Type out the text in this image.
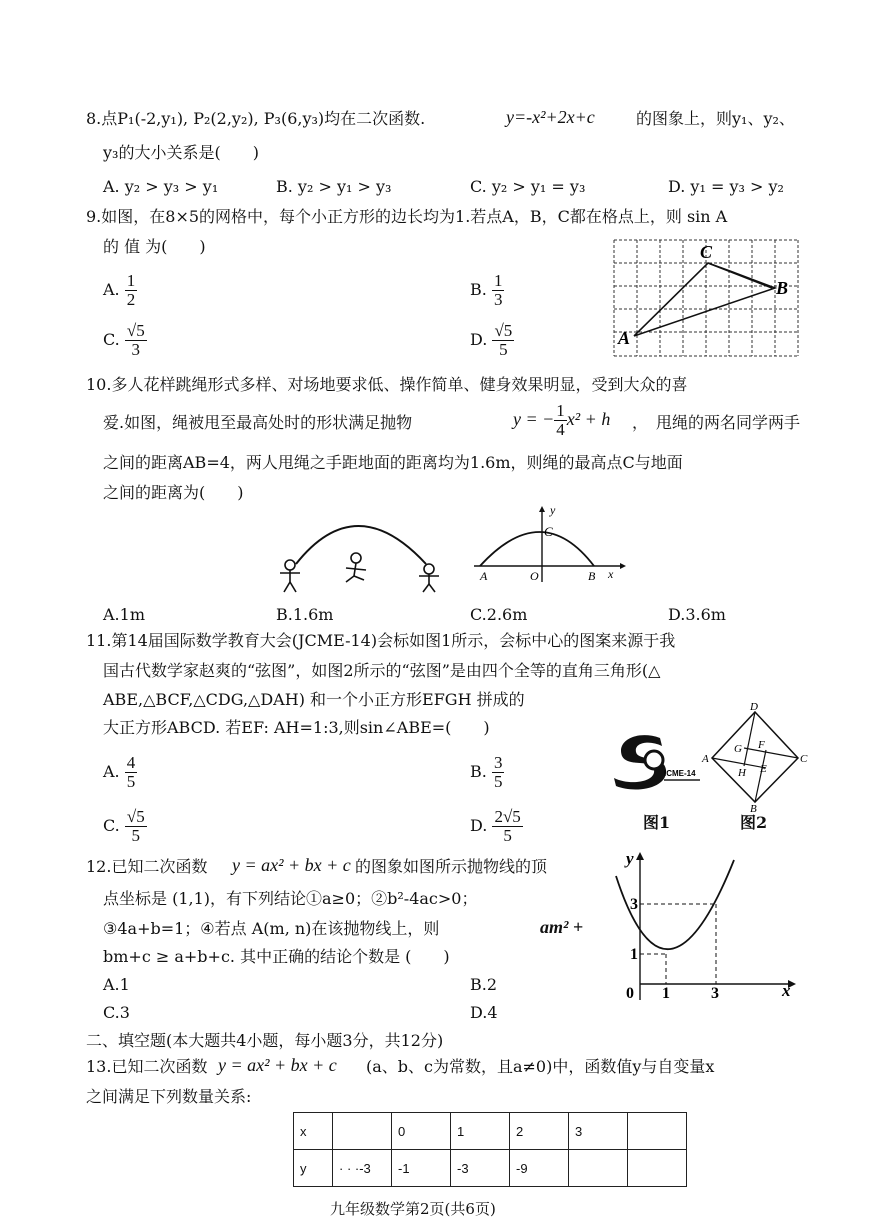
8.点P₁(-2,y₁), P₂(2,y₂), P₃(6,y₃)均在二次函数.	y=-x²+2x+c	的图象上，则y₁、y₂、
y₃的大小关系是(　　)
A. y₂ > y₃ > y₁	B. y₂ > y₁ > y₃	C. y₂ > y₁ = y₃	D. y₁ = y₃ > y₂
9.如图，在8×5的网格中，每个小正方形的边长均为1.若点A，B，C都在格点上，则 sin A
的 值 为(　　)
A. $\frac{1}{2}$	B. $\frac{1}{3}$
C. $\frac{√5}{3}$	D. $\frac{√5}{5}$	A
C
B
10.多人花样跳绳形式多样、对场地要求低、操作简单、健身效果明显，受到大众的喜
爱.如图，绳被甩至最高处时的形状满足抛物	y = − $\frac{1}{4} x^2 + h$ ，　甩绳的两名同学两手
之间的距离AB=4，两人甩绳之手距地面的距离均为1.6m，则绳的最高点C与地面
之间的距离为(　　)
y
C
A	O	B x
A.1m	B.1.6m	C.2.6m	D.3.6m
11.第14届国际数学教育大会(JCME-14)会标如图1所示，会标中心的图案来源于我
国古代数学家赵爽的“弦图”，如图2所示的“弦图”是由四个全等的直角三角形(△
ABE,△BCF,△CDG,△DAH) 和一个小正方形EFGH 拼成的
大正方形ABCD. 若EF: AH=1:3,则sin∠ABE=(　　)
A. $\frac{4}{5}$	B. $\frac{3}{5}$
C. $\frac{√5}{5}$	D. $\frac{2√5}{5}$
ICME-14
图1
D
A	C
B
G F
H E
图2
12.已知二次函数 y = ax² + bx + c 的图象如图所示抛物线的顶
点坐标是 (1,1)，有下列结论①a≥0；②b²-4ac>0；
③4a+b=1；④若点 A(m, n)在该抛物线上，则	am² +
bm+c ≥ a+b+c. 其中正确的结论个数是 (　　)
A.1	B.2
C.3	D.4
y
x
0 1	3
1
3
二、填空题(本大题共4小题，每小题3分，共12分)
13.已知二次函数 y = ax² + bx + c (a、b、c为常数，且a≠0)中，函数值y与自变量x
之间满足下列数量关系:
x		0	1	2	3	
y	· · ·-3	-1	-3	-9		
九年级数学第2页(共6页)
